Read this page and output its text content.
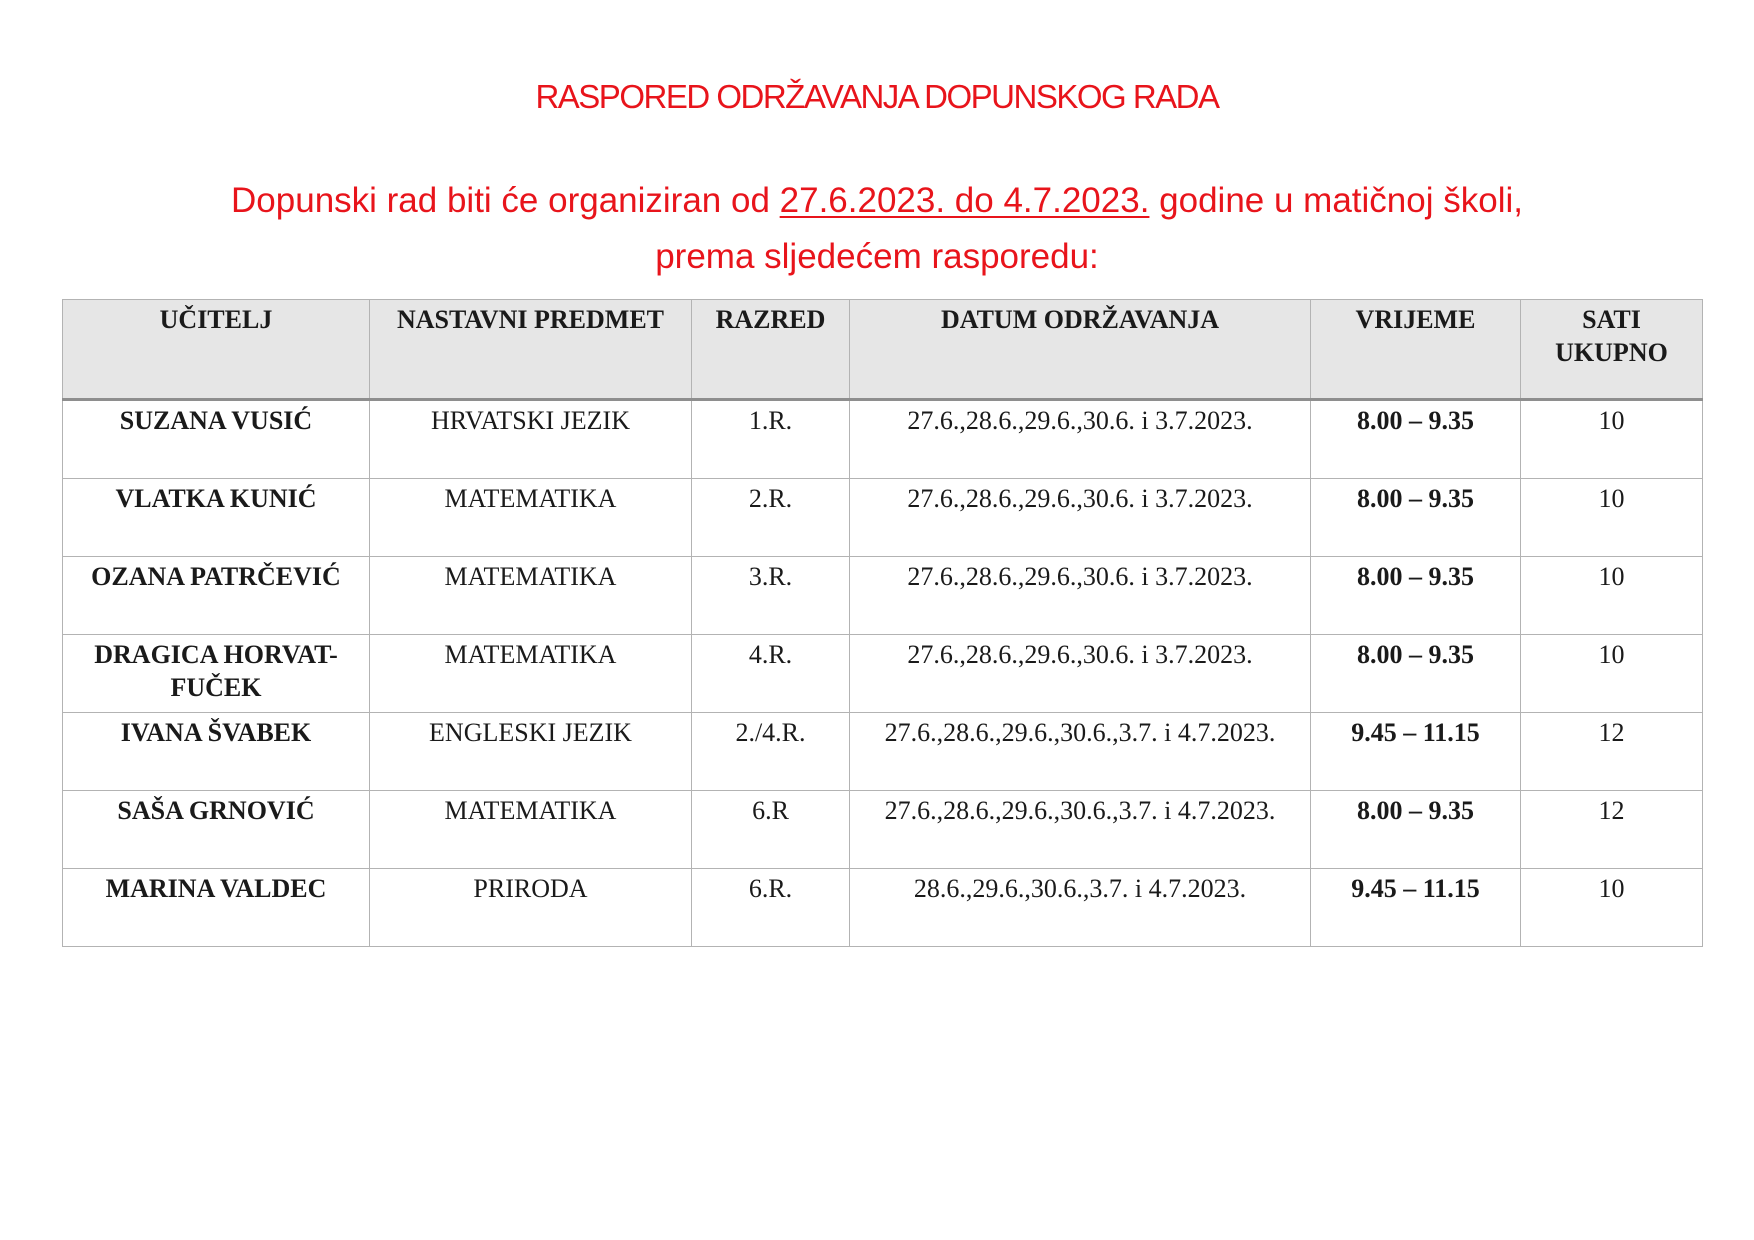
RASPORED ODRŽAVANJA DOPUNSKOG RADA

Dopunski rad biti će organiziran od 27.6.2023. do 4.7.2023. godine u matičnoj školi,
prema sljedećem rasporedu:

UČITELJ	NASTAVNI PREDMET	RAZRED	DATUM ODRŽAVANJA	VRIJEME	SATI UKUPNO
SUZANA VUSIĆ	HRVATSKI JEZIK	1.R.	27.6.,28.6.,29.6.,30.6. i 3.7.2023.	8.00 – 9.35	10
VLATKA KUNIĆ	MATEMATIKA	2.R.	27.6.,28.6.,29.6.,30.6. i 3.7.2023.	8.00 – 9.35	10
OZANA PATRČEVIĆ	MATEMATIKA	3.R.	27.6.,28.6.,29.6.,30.6. i 3.7.2023.	8.00 – 9.35	10
DRAGICA HORVAT-FUČEK	MATEMATIKA	4.R.	27.6.,28.6.,29.6.,30.6. i 3.7.2023.	8.00 – 9.35	10
IVANA ŠVABEK	ENGLESKI JEZIK	2./4.R.	27.6.,28.6.,29.6.,30.6.,3.7. i 4.7.2023.	9.45 – 11.15	12
SAŠA GRNOVIĆ	MATEMATIKA	6.R	27.6.,28.6.,29.6.,30.6.,3.7. i 4.7.2023.	8.00 – 9.35	12
MARINA VALDEC	PRIRODA	6.R.	28.6.,29.6.,30.6.,3.7. i 4.7.2023.	9.45 – 11.15	10
